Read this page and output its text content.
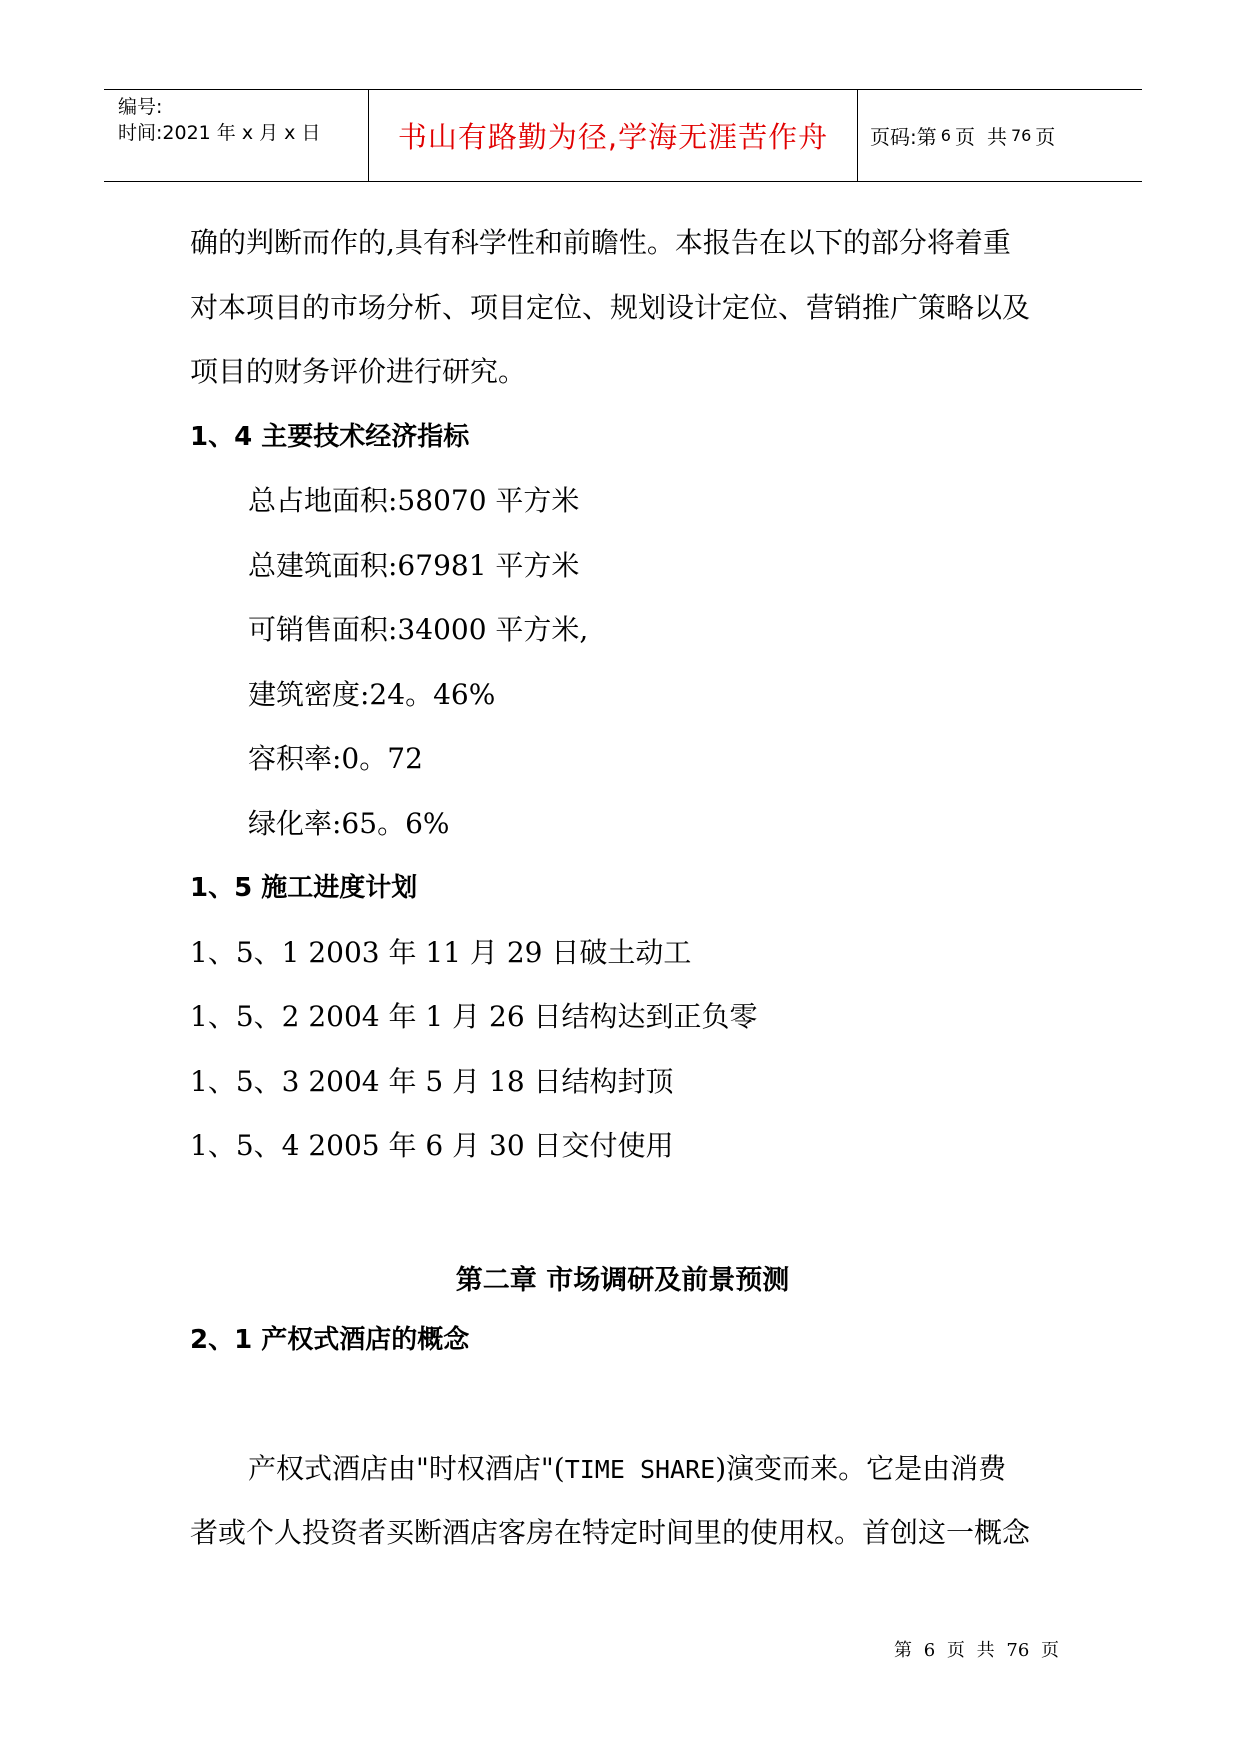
编号:
时间:2021 年 x 月 x 日	书山有路勤为径,学海无涯苦作舟	页码:第 6 页 共 76 页
确的判断而作的,具有科学性和前瞻性。本报告在以下的部分将着重
对本项目的市场分析、项目定位、规划设计定位、营销推广策略以及
项目的财务评价进行研究。
1、4 主要技术经济指标
总占地面积:58070 平方米
总建筑面积:67981 平方米
可销售面积:34000 平方米,
建筑密度:24。46%
容积率:0。72
绿化率:65。6%
1、5 施工进度计划
1、5、1 2003 年 11 月 29 日破土动工
1、5、2 2004 年 1 月 26 日结构达到正负零
1、5、3 2004 年 5 月 18 日结构封顶
1、5、4 2005 年 6 月 30 日交付使用
第二章 市场调研及前景预测
2、1 产权式酒店的概念
产权式酒店由"时权酒店"(TIME SHARE)演变而来。它是由消费
者或个人投资者买断酒店客房在特定时间里的使用权。首创这一概念
第 6 页 共 76 页
